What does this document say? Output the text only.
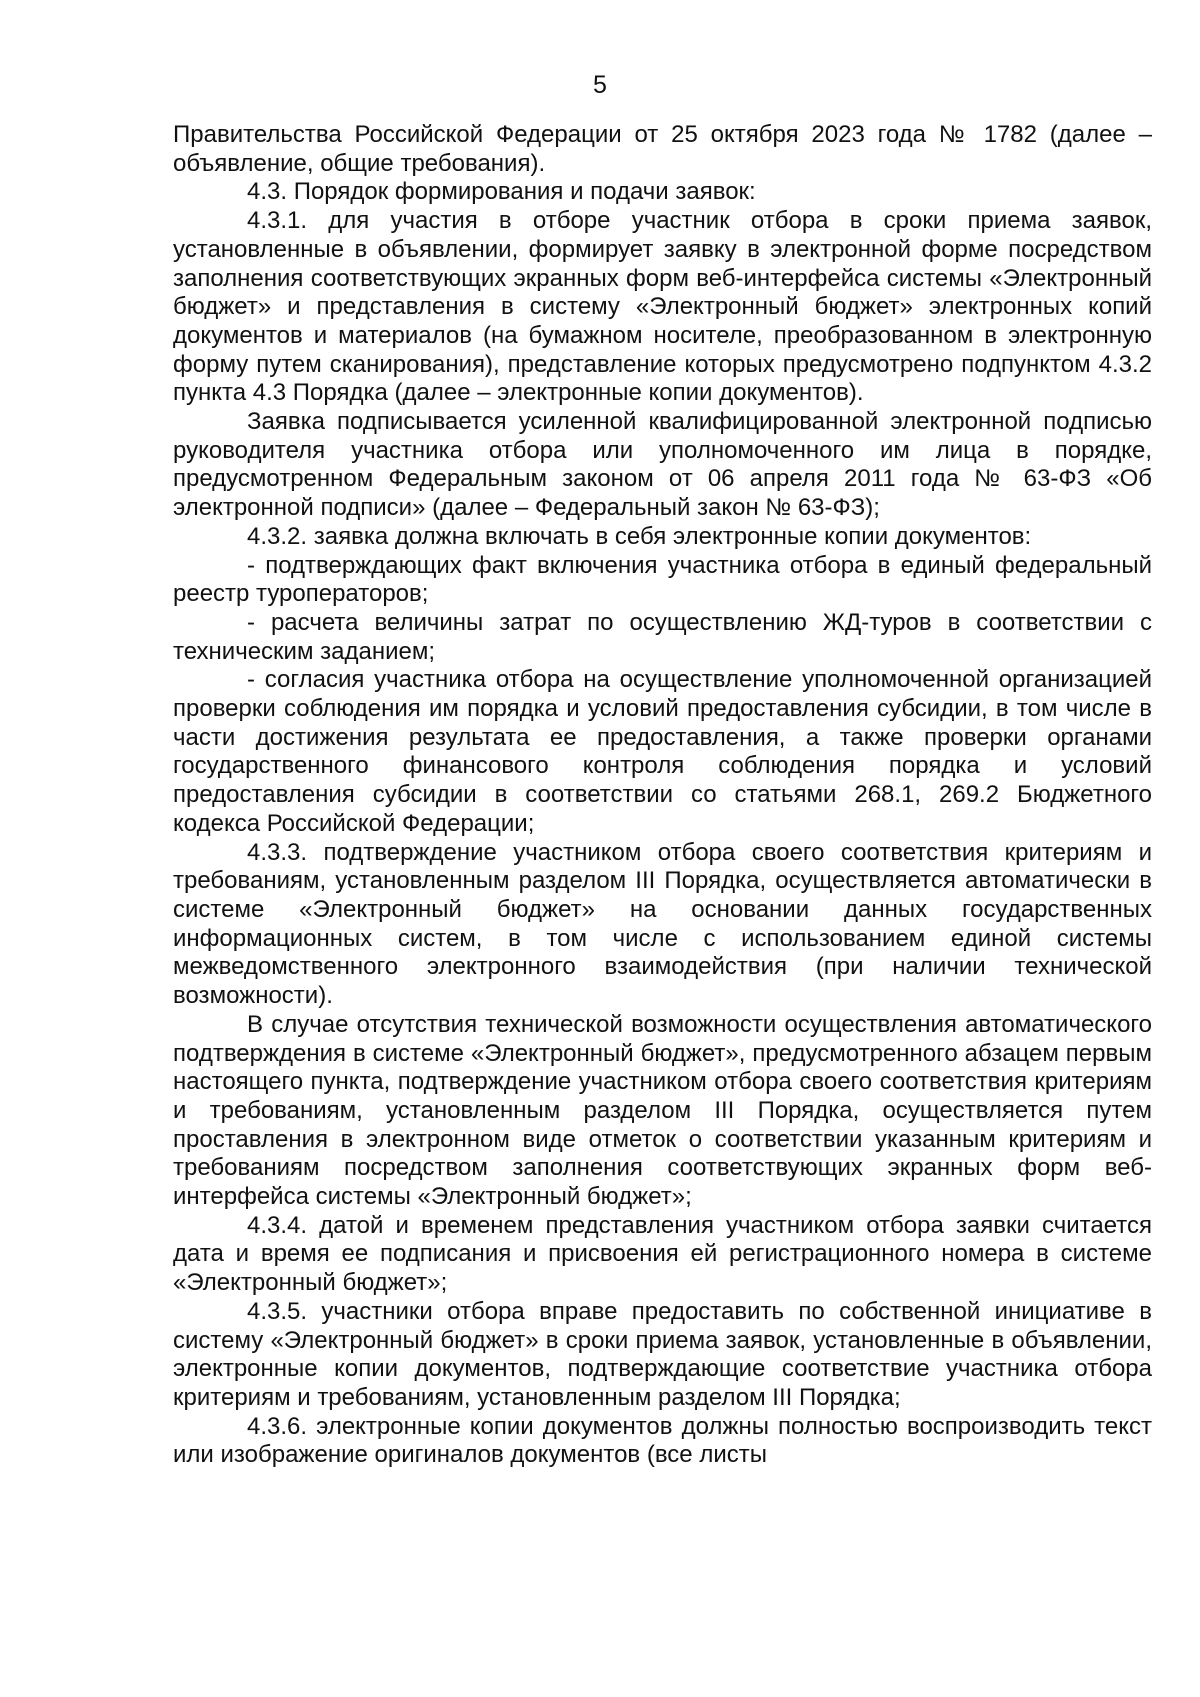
5

Правительства Российской Федерации от 25 октября 2023 года № 1782 (далее – объявление, общие требования).

4.3. Порядок формирования и подачи заявок:

4.3.1. для участия в отборе участник отбора в сроки приема заявок, установленные в объявлении, формирует заявку в электронной форме посредством заполнения соответствующих экранных форм веб-интерфейса системы «Электронный бюджет» и представления в систему «Электронный бюджет» электронных копий документов и материалов (на бумажном носителе, преобразованном в электронную форму путем сканирования), представление которых предусмотрено подпунктом 4.3.2 пункта 4.3 Порядка (далее – электронные копии документов).

Заявка подписывается усиленной квалифицированной электронной подписью руководителя участника отбора или уполномоченного им лица в порядке, предусмотренном Федеральным законом от 06 апреля 2011 года № 63-ФЗ «Об электронной подписи» (далее – Федеральный закон № 63-ФЗ);

4.3.2. заявка должна включать в себя электронные копии документов:

- подтверждающих факт включения участника отбора в единый федеральный реестр туроператоров;

- расчета величины затрат по осуществлению ЖД-туров в соответствии с техническим заданием;

- согласия участника отбора на осуществление уполномоченной организацией проверки соблюдения им порядка и условий предоставления субсидии, в том числе в части достижения результата ее предоставления, а также проверки органами государственного финансового контроля соблюдения порядка и условий предоставления субсидии в соответствии со статьями 268.1, 269.2 Бюджетного кодекса Российской Федерации;

4.3.3. подтверждение участником отбора своего соответствия критериям и требованиям, установленным разделом III Порядка, осуществляется автоматически в системе «Электронный бюджет» на основании данных государственных информационных систем, в том числе с использованием единой системы межведомственного электронного взаимодействия (при наличии технической возможности).

В случае отсутствия технической возможности осуществления автоматического подтверждения в системе «Электронный бюджет», предусмотренного абзацем первым настоящего пункта, подтверждение участником отбора своего соответствия критериям и требованиям, установленным разделом III Порядка, осуществляется путем проставления в электронном виде отметок о соответствии указанным критериям и требованиям посредством заполнения соответствующих экранных форм веб-интерфейса системы «Электронный бюджет»;

4.3.4. датой и временем представления участником отбора заявки считается дата и время ее подписания и присвоения ей регистрационного номера в системе «Электронный бюджет»;

4.3.5. участники отбора вправе предоставить по собственной инициативе в систему «Электронный бюджет» в сроки приема заявок, установленные в объявлении, электронные копии документов, подтверждающие соответствие участника отбора критериям и требованиям, установленным разделом III Порядка;

4.3.6. электронные копии документов должны полностью воспроизводить текст или изображение оригиналов документов (все листы
